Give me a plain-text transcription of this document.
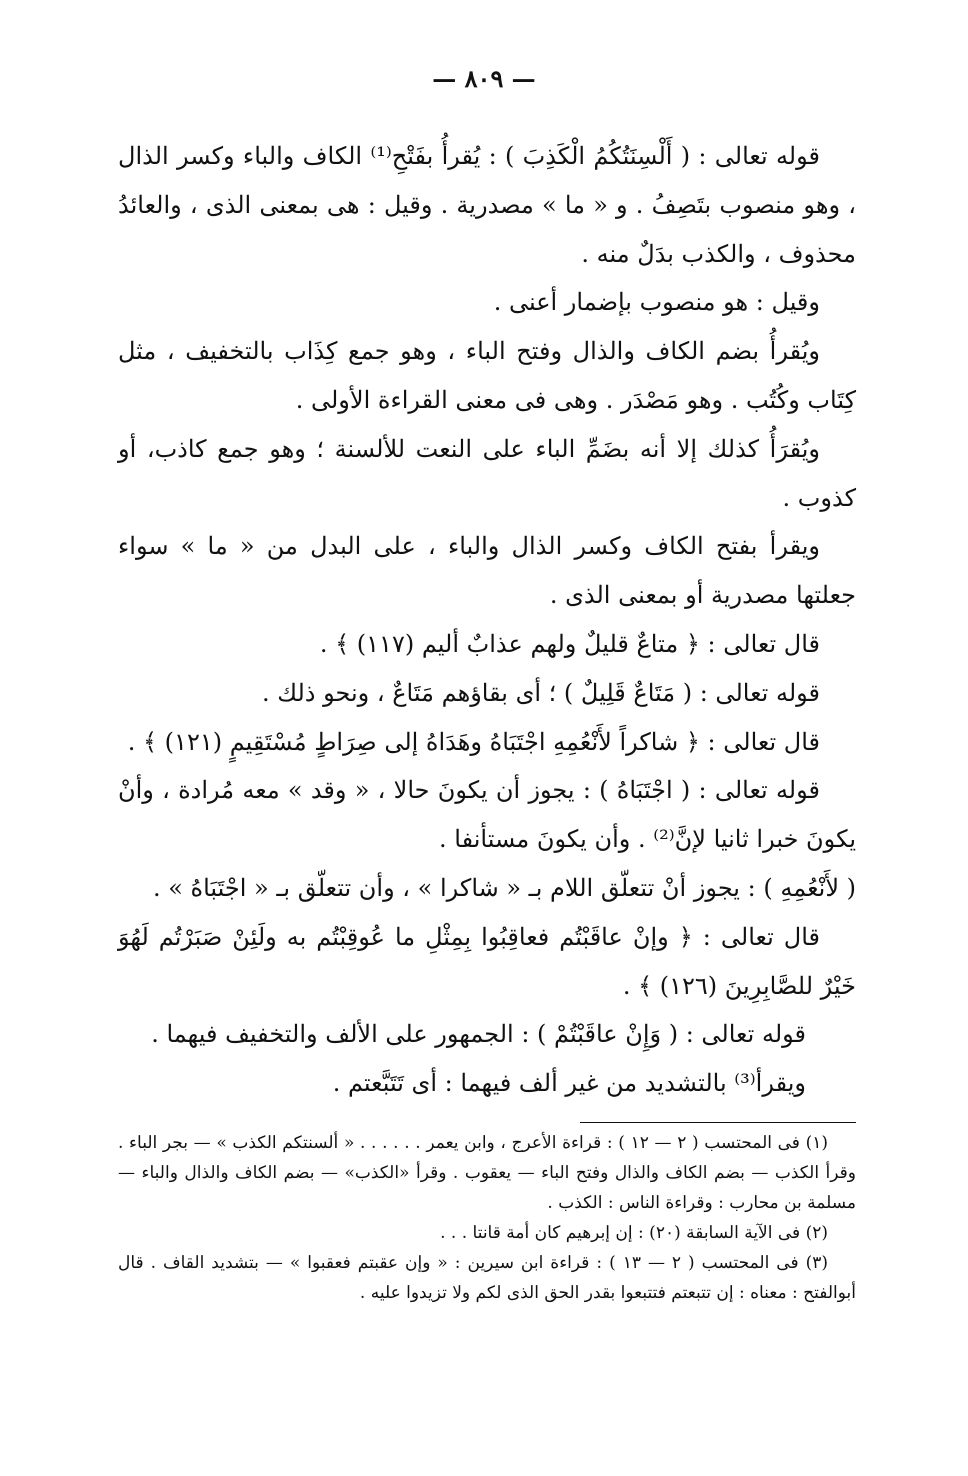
— ٨٠٩ —

قوله تعالى : ( أَلْسِنَتُكُمُ الْكَذِبَ ) : يُقرأُ بفَتْحِ⁽¹⁾ الكاف والباء وكسر الذال ، وهو منصوب بتَصِفُ . و « ما » مصدرية . وقيل : هى بمعنى الذى ، والعائدُ محذوف ، والكذب بدَلٌ منه .

وقيل : هو منصوب بإضمار أعنى .

ويُقرأُ بضم الكاف والذال وفتح الباء ، وهو جمع كِذَاب بالتخفيف ، مثل كِتَاب وكُتُب . وهو مَصْدَر . وهى فى معنى القراءة الأولى .

ويُقرَأُ كذلك إلا أنه بضَمِّ الباء على النعت للألسنة ؛ وهو جمع كاذب، أو كذوب .

ويقرأ بفتح الكاف وكسر الذال والباء ، على البدل من « ما » سواء جعلتها مصدرية أو بمعنى الذى .

قال تعالى : ﴿ متاعٌ قليلٌ ولهم عذابٌ أليم (١١٧) ﴾ .

قوله تعالى : ( مَتَاعٌ قَلِيلٌ ) ؛ أى بقاؤهم مَتَاعٌ ، ونحو ذلك .

قال تعالى : ﴿ شاكراً لأَنْعُمِهِ اجْتَبَاهُ وهَدَاهُ إلى صِرَاطٍ مُسْتَقِيمٍ (١٢١) ﴾ .

قوله تعالى : ( اجْتَبَاهُ ) : يجوز أن يكونَ حالا ، « وقد » معه مُرادة ، وأنْ يكونَ خبرا ثانيا لإنَّ⁽²⁾ . وأن يكونَ مستأنفا .

( لأَنْعُمِهِ ) : يجوز أنْ تتعلّق اللام بـ « شاكرا » ، وأن تتعلّق بـ « اجْتَبَاهُ » .

قال تعالى : ﴿ وإنْ عاقَبْتُم فعاقِبُوا بِمِثْلِ ما عُوقِبْتُم به ولَئِنْ صَبَرْتُم لَهُوَ خَيْرٌ للصَّابِرِينَ (١٢٦) ﴾ .

قوله تعالى : ( وَإِنْ عاقَبْتُمْ ) : الجمهور على الألف والتخفيف فيهما .

ويقرأ⁽³⁾ بالتشديد من غير ألف فيهما : أى تَتَبَّعتم .

(١) فى المحتسب ( ٢ — ١٢ ) : قراءة الأعرج ، وابن يعمر . . . . . . « ألسنتكم الكذب » — بجر الباء . وقرأ الكذب — بضم الكاف والذال وفتح الباء — يعقوب . وقرأ «الكذب» — بضم الكاف والذال والباء — مسلمة بن محارب : وقراءة الناس : الكذب .

(٢) فى الآية السابقة (٢٠) : إن إبرهيم كان أمة قانتا . . .

(٣) فى المحتسب ( ٢ — ١٣ ) : قراءة ابن سيرين : « وإن عقبتم فعقبوا » — بتشديد القاف . قال أبوالفتح : معناه : إن تتبعتم فتتبعوا بقدر الحق الذى لكم ولا تزيدوا عليه .
